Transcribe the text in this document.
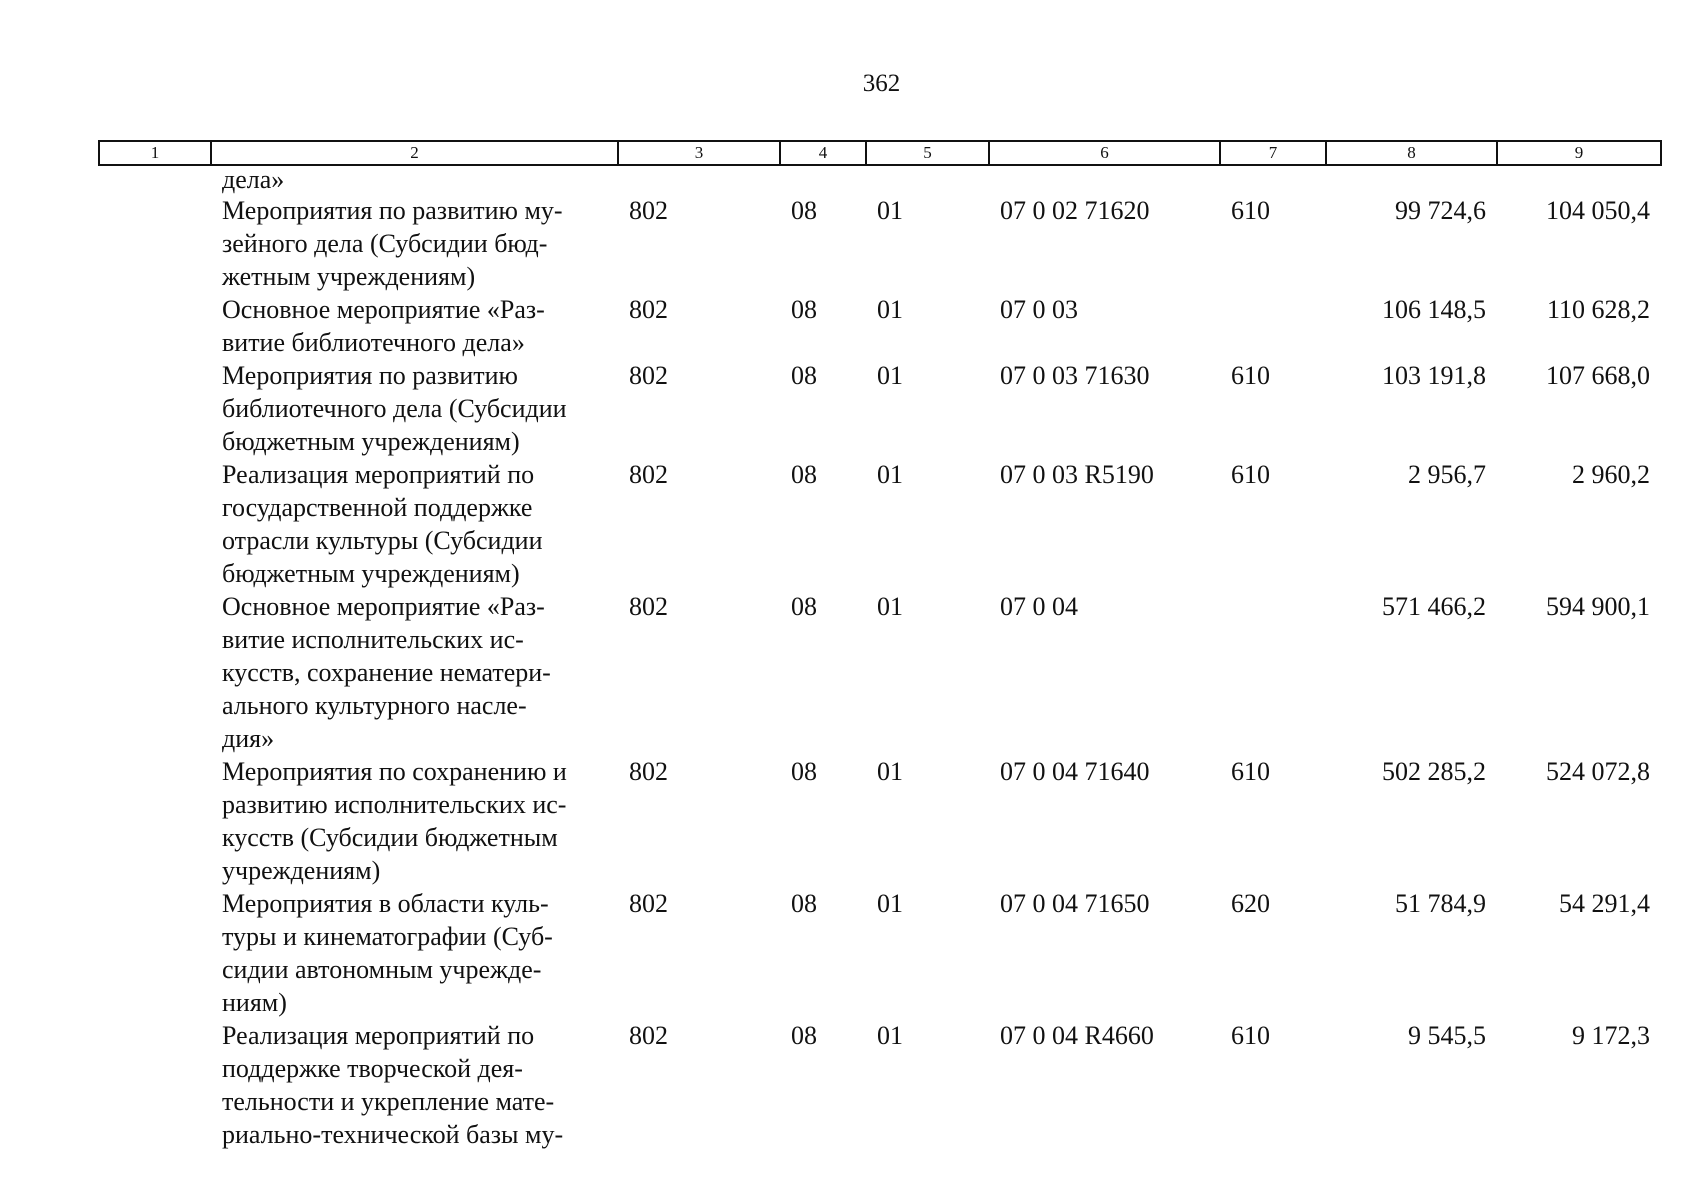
362
1	2	3	4	5	6	7	8	9

	дела»							

	Мероприятия по развитию му-
зейного дела (Субсидии бюд-
жетным учреждениям)	802	08	01	07 0 02 71620	610	99 724,6	104 050,4

	Основное мероприятие «Раз-
витие библиотечного дела»	802	08	01	07 0 03		106 148,5	110 628,2

	Мероприятия по развитию
библиотечного дела (Субсидии
бюджетным учреждениям)	802	08	01	07 0 03 71630	610	103 191,8	107 668,0

	Реализация мероприятий по
государственной поддержке
отрасли культуры (Субсидии
бюджетным учреждениям)	802	08	01	07 0 03 R5190	610	2 956,7	2 960,2

	Основное мероприятие «Раз-
витие исполнительских ис-
кусств, сохранение нематери-
ального культурного насле-
дия»	802	08	01	07 0 04		571 466,2	594 900,1

	Мероприятия по сохранению и
развитию исполнительских ис-
кусств (Субсидии бюджетным
учреждениям)	802	08	01	07 0 04 71640	610	502 285,2	524 072,8

	Мероприятия в области куль-
туры и кинематографии (Суб-
сидии автономным учрежде-
ниям)	802	08	01	07 0 04 71650	620	51 784,9	54 291,4

	Реализация мероприятий по
поддержке творческой дея-
тельности и укрепление мате-
риально-технической базы му-	802	08	01	07 0 04 R4660	610	9 545,5	9 172,3
